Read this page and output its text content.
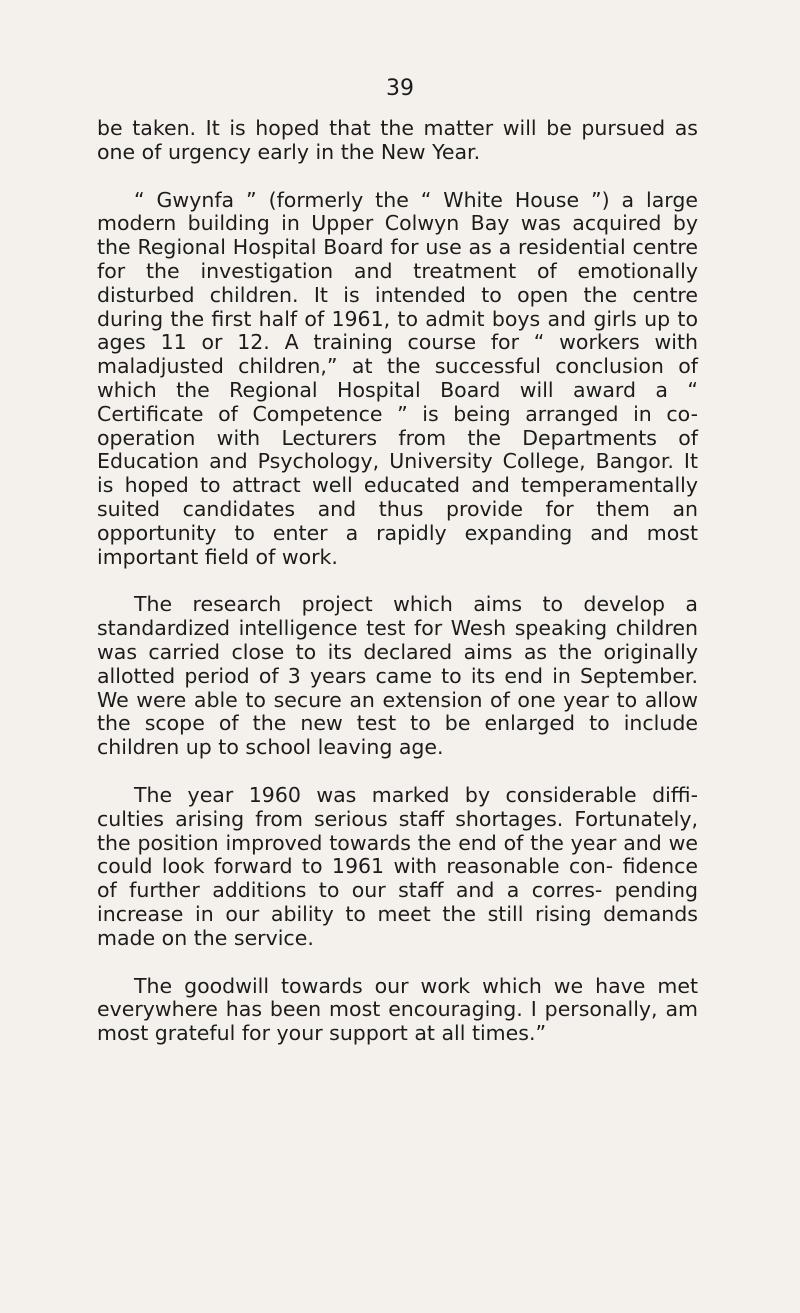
39

be taken. It is hoped that the matter will be pursued as one of urgency early in the New Year.

“ Gwynfa ” (formerly the “ White House ”) a large modern building in Upper Colwyn Bay was acquired by the Regional Hospital Board for use as a residential centre for the investigation and treatment of emotionally disturbed children. It is intended to open the centre during the first half of 1961, to admit boys and girls up to ages 11 or 12. A training course for “ workers with maladjusted children,” at the successful conclusion of which the Regional Hospital Board will award a “ Certificate of Competence ” is being arranged in co-operation with Lecturers from the Departments of Education and Psychology, University College, Bangor. It is hoped to attract well educated and temperamentally suited candidates and thus provide for them an opportunity to enter a rapidly expanding and most important field of work.

The research project which aims to develop a standardized intelligence test for Wesh speaking children was carried close to its declared aims as the originally allotted period of 3 years came to its end in September. We were able to secure an extension of one year to allow the scope of the new test to be enlarged to include children up to school leaving age.

The year 1960 was marked by considerable diffi- culties arising from serious staff shortages. Fortunately, the position improved towards the end of the year and we could look forward to 1961 with reasonable con- fidence of further additions to our staff and a corres- pending increase in our ability to meet the still rising demands made on the service.

The goodwill towards our work which we have met everywhere has been most encouraging. I personally, am most grateful for your support at all times.”
